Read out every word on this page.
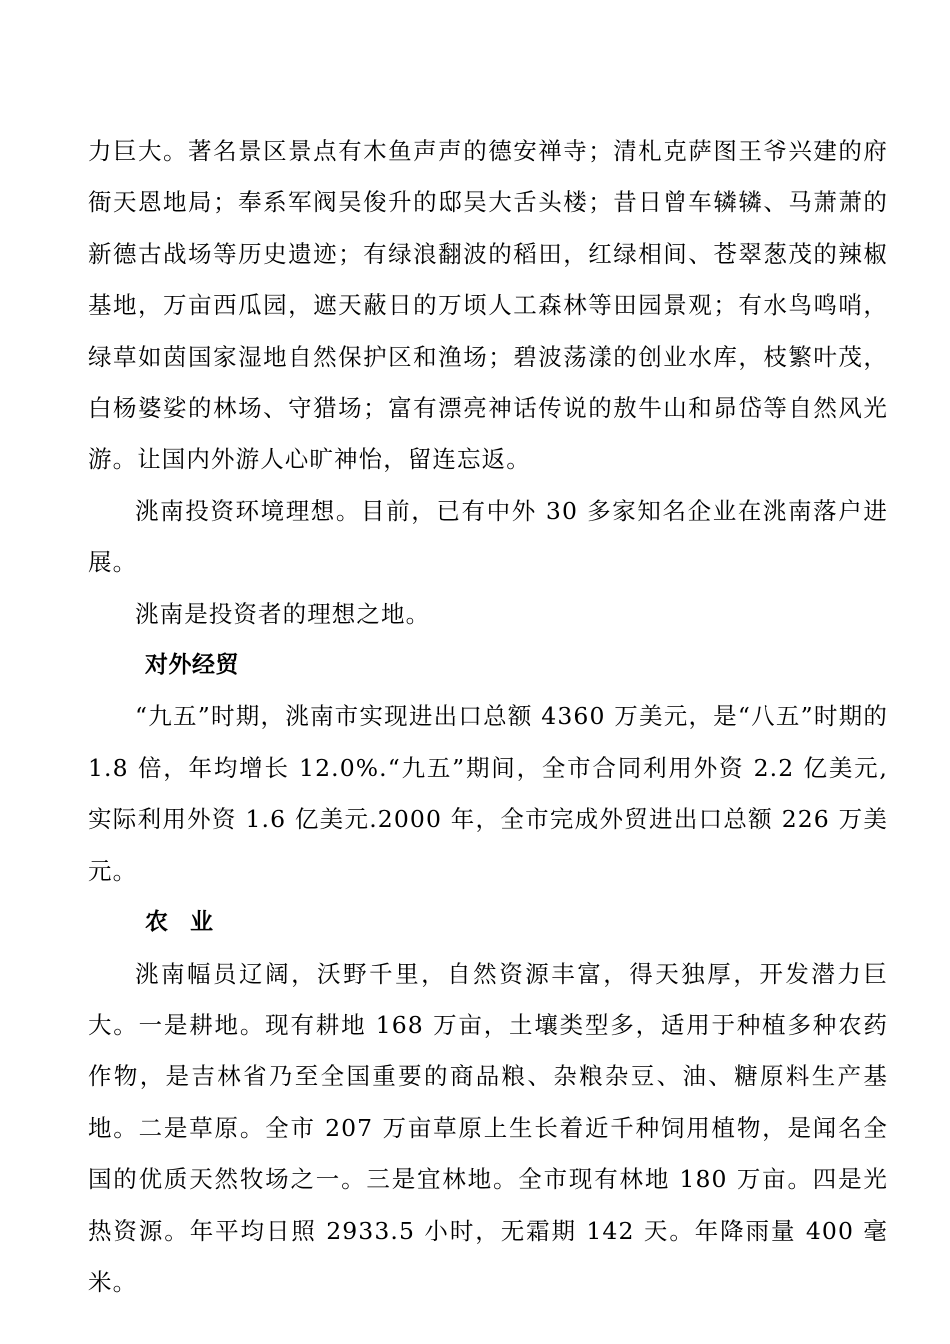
力巨大。著名景区景点有木鱼声声的德安禅寺；清札克萨图王爷兴建的府衙天恩地局；奉系军阀吴俊升的邸吴大舌头楼；昔日曾车辚辚、马萧萧的新德古战场等历史遗迹；有绿浪翻波的稻田，红绿相间、苍翠葱茂的辣椒基地，万亩西瓜园，遮天蔽日的万顷人工森林等田园景观；有水鸟鸣哨，绿草如茵国家湿地自然保护区和渔场；碧波荡漾的创业水库，枝繁叶茂，白杨婆娑的林场、守猎场；富有漂亮神话传说的敖牛山和昴岱等自然风光游。让国内外游人心旷神怡，留连忘返。

洮南投资环境理想。目前，已有中外 30 多家知名企业在洮南落户进展。

洮南是投资者的理想之地。

对外经贸

“九五”时期，洮南市实现进出口总额 4360 万美元，是“八五”时期的 1.8 倍，年均增长 12.0%.“九五”期间，全市合同利用外资 2.2 亿美元,实际利用外资 1.6 亿美元.2000 年，全市完成外贸进出口总额 226 万美元。

农业

洮南幅员辽阔，沃野千里，自然资源丰富，得天独厚，开发潜力巨大。一是耕地。现有耕地 168 万亩，土壤类型多，适用于种植多种农药作物，是吉林省乃至全国重要的商品粮、杂粮杂豆、油、糖原料生产基地。二是草原。全市 207 万亩草原上生长着近千种饲用植物，是闻名全国的优质天然牧场之一。三是宜林地。全市现有林地 180 万亩。四是光热资源。年平均日照 2933.5 小时，无霜期 142 天。年降雨量 400 毫米。
